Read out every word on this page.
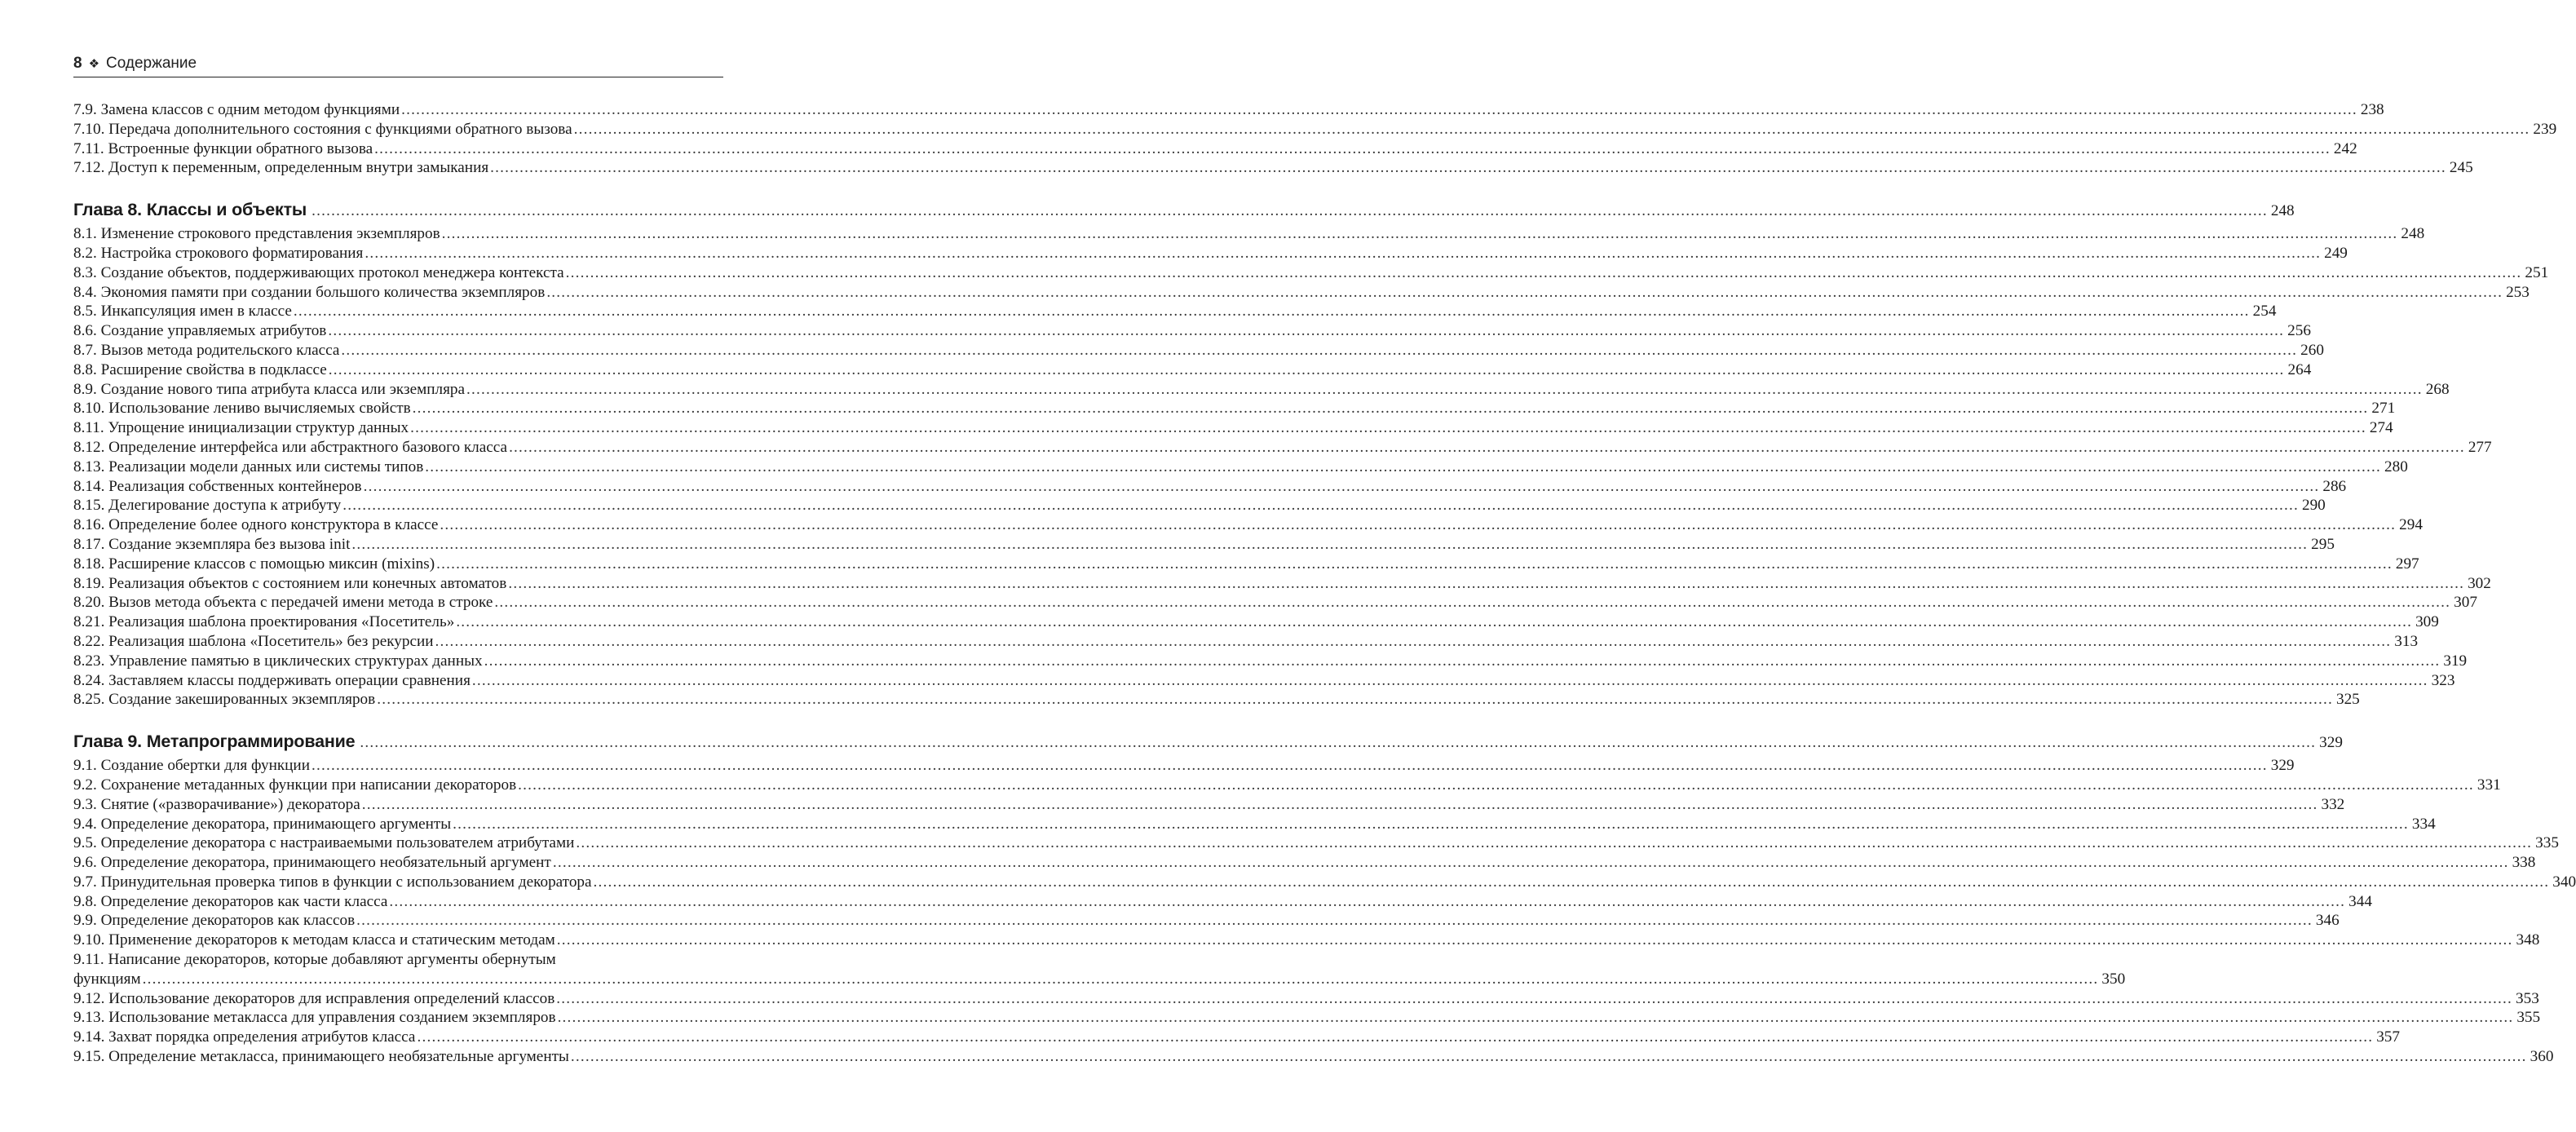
8 ❖ Содержание
7.9. Замена классов с одним методом функциями ................................................................................................................................................................................................................................................................................................................................................................................................................ 238
7.10. Передача дополнительного состояния с функциями обратного вызова ................................................................................................................................................................................................................................................................................................................................................................................................................ 239
7.11. Встроенные функции обратного вызова ................................................................................................................................................................................................................................................................................................................................................................................................................ 242
7.12. Доступ к переменным, определенным внутри замыкания ................................................................................................................................................................................................................................................................................................................................................................................................................ 245
Глава 8. Классы и объекты ................................................................................................................................................................................................................................................................................................................................................................................................................ 248
8.1. Изменение строкового представления экземпляров ................................................................................................................................................................................................................................................................................................................................................................................................................ 248
8.2. Настройка строкового форматирования ................................................................................................................................................................................................................................................................................................................................................................................................................ 249
8.3. Создание объектов, поддерживающих протокол менеджера контекста ................................................................................................................................................................................................................................................................................................................................................................................................................ 251
8.4. Экономия памяти при создании большого количества экземпляров ................................................................................................................................................................................................................................................................................................................................................................................................................ 253
8.5. Инкапсуляция имен в классе ................................................................................................................................................................................................................................................................................................................................................................................................................ 254
8.6. Создание управляемых атрибутов ................................................................................................................................................................................................................................................................................................................................................................................................................ 256
8.7. Вызов метода родительского класса ................................................................................................................................................................................................................................................................................................................................................................................................................ 260
8.8. Расширение свойства в подклассе ................................................................................................................................................................................................................................................................................................................................................................................................................ 264
8.9. Создание нового типа атрибута класса или экземпляра ................................................................................................................................................................................................................................................................................................................................................................................................................ 268
8.10. Использование лениво вычисляемых свойств ................................................................................................................................................................................................................................................................................................................................................................................................................ 271
8.11. Упрощение инициализации структур данных ................................................................................................................................................................................................................................................................................................................................................................................................................ 274
8.12. Определение интерфейса или абстрактного базового класса ................................................................................................................................................................................................................................................................................................................................................................................................................ 277
8.13. Реализации модели данных или системы типов ................................................................................................................................................................................................................................................................................................................................................................................................................ 280
8.14. Реализация собственных контейнеров ................................................................................................................................................................................................................................................................................................................................................................................................................ 286
8.15. Делегирование доступа к атрибуту ................................................................................................................................................................................................................................................................................................................................................................................................................ 290
8.16. Определение более одного конструктора в классе ................................................................................................................................................................................................................................................................................................................................................................................................................ 294
8.17. Создание экземпляра без вызова init ................................................................................................................................................................................................................................................................................................................................................................................................................ 295
8.18. Расширение классов с помощью миксин (mixins) ................................................................................................................................................................................................................................................................................................................................................................................................................ 297
8.19. Реализация объектов с состоянием или конечных автоматов ................................................................................................................................................................................................................................................................................................................................................................................................................ 302
8.20. Вызов метода объекта с передачей имени метода в строке ................................................................................................................................................................................................................................................................................................................................................................................................................ 307
8.21. Реализация шаблона проектирования «Посетитель» ................................................................................................................................................................................................................................................................................................................................................................................................................ 309
8.22. Реализация шаблона «Посетитель» без рекурсии ................................................................................................................................................................................................................................................................................................................................................................................................................ 313
8.23. Управление памятью в циклических структурах данных ................................................................................................................................................................................................................................................................................................................................................................................................................ 319
8.24. Заставляем классы поддерживать операции сравнения ................................................................................................................................................................................................................................................................................................................................................................................................................ 323
8.25. Создание закешированных экземпляров ................................................................................................................................................................................................................................................................................................................................................................................................................ 325
Глава 9. Метапрограммирование ................................................................................................................................................................................................................................................................................................................................................................................................................ 329
9.1. Создание обертки для функции ................................................................................................................................................................................................................................................................................................................................................................................................................ 329
9.2. Сохранение метаданных функции при написании декораторов ................................................................................................................................................................................................................................................................................................................................................................................................................ 331
9.3. Снятие («разворачивание») декоратора ................................................................................................................................................................................................................................................................................................................................................................................................................ 332
9.4. Определение декоратора, принимающего аргументы ................................................................................................................................................................................................................................................................................................................................................................................................................ 334
9.5. Определение декоратора с настраиваемыми пользователем атрибутами ................................................................................................................................................................................................................................................................................................................................................................................................................ 335
9.6. Определение декоратора, принимающего необязательный аргумент ................................................................................................................................................................................................................................................................................................................................................................................................................ 338
9.7. Принудительная проверка типов в функции с использованием декоратора ................................................................................................................................................................................................................................................................................................................................................................................................................ 340
9.8. Определение декораторов как части класса ................................................................................................................................................................................................................................................................................................................................................................................................................ 344
9.9. Определение декораторов как классов ................................................................................................................................................................................................................................................................................................................................................................................................................ 346
9.10. Применение декораторов к методам класса и статическим методам ................................................................................................................................................................................................................................................................................................................................................................................................................ 348
9.11. Написание декораторов, которые добавляют аргументы обернутым
функциям ................................................................................................................................................................................................................................................................................................................................................................................................................ 350
9.12. Использование декораторов для исправления определений классов ................................................................................................................................................................................................................................................................................................................................................................................................................ 353
9.13. Использование метакласса для управления созданием экземпляров ................................................................................................................................................................................................................................................................................................................................................................................................................ 355
9.14. Захват порядка определения атрибутов класса ................................................................................................................................................................................................................................................................................................................................................................................................................ 357
9.15. Определение метакласса, принимающего необязательные аргументы ................................................................................................................................................................................................................................................................................................................................................................................................................ 360
